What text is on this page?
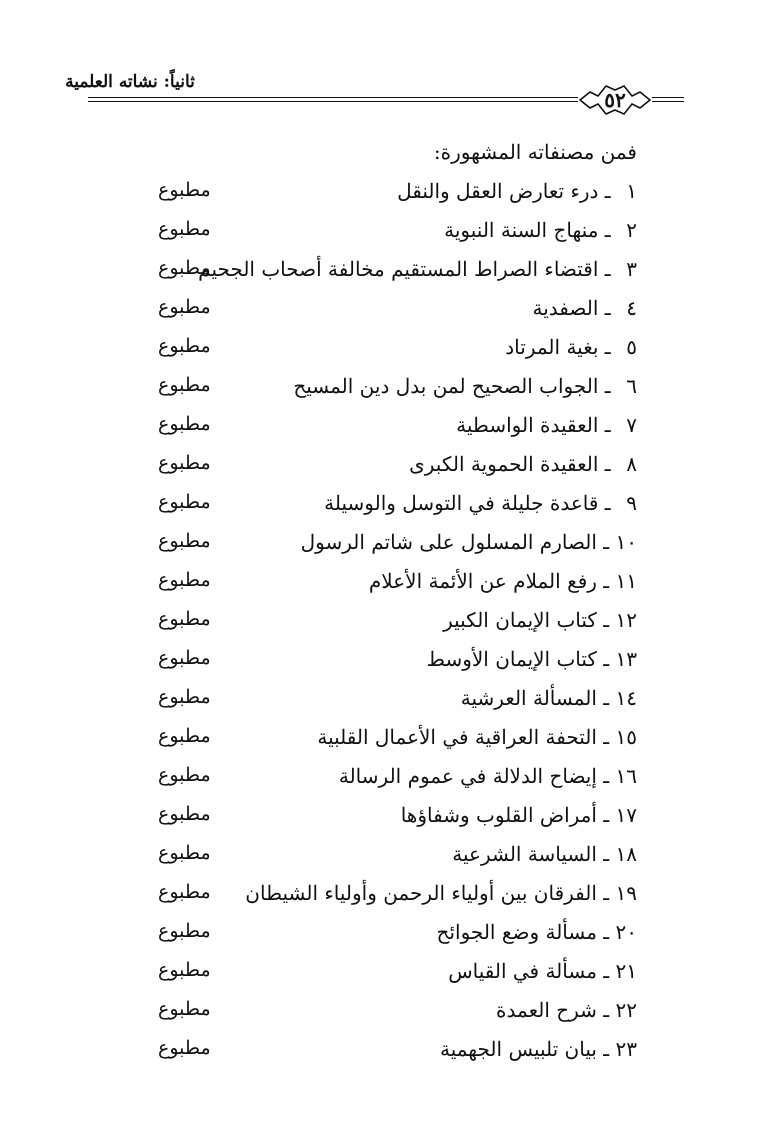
ثانياً: نشاته العلمية
٥٢
فمن مصنفاته المشهورة:
١ ـ درء تعارض العقل والنقل
مطبوع
٢ ـ منهاج السنة النبوية
مطبوع
٣ ـ اقتضاء الصراط المستقيم مخالفة أصحاب الجحيم
مطبوع
٤ ـ الصفدية
مطبوع
٥ ـ بغية المرتاد
مطبوع
٦ ـ الجواب الصحيح لمن بدل دين المسيح
مطبوع
٧ ـ العقيدة الواسطية
مطبوع
٨ ـ العقيدة الحموية الكبرى
مطبوع
٩ ـ قاعدة جليلة في التوسل والوسيلة
مطبوع
١٠ ـ الصارم المسلول على شاتم الرسول
مطبوع
١١ ـ رفع الملام عن الأئمة الأعلام
مطبوع
١٢ ـ كتاب الإيمان الكبير
مطبوع
١٣ ـ كتاب الإيمان الأوسط
مطبوع
١٤ ـ المسألة العرشية
مطبوع
١٥ ـ التحفة العراقية في الأعمال القلبية
مطبوع
١٦ ـ إيضاح الدلالة في عموم الرسالة
مطبوع
١٧ ـ أمراض القلوب وشفاؤها
مطبوع
١٨ ـ السياسة الشرعية
مطبوع
١٩ ـ الفرقان بين أولياء الرحمن وأولياء الشيطان
مطبوع
٢٠ ـ مسألة وضع الجوائح
مطبوع
٢١ ـ مسألة في القياس
مطبوع
٢٢ ـ شرح العمدة
مطبوع
٢٣ ـ بيان تلبيس الجهمية
مطبوع
